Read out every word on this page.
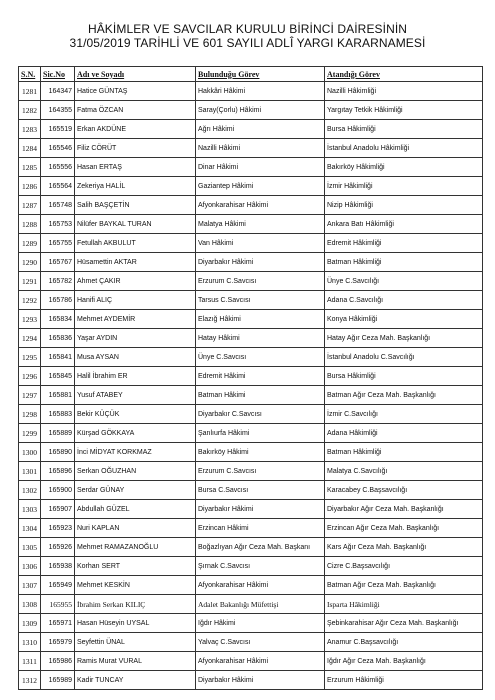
HÂKİMLER VE SAVCILAR KURULU BİRİNCİ DAİRESİNİN
31/05/2019 TARİHLİ VE 601 SAYILI ADLÎ YARGI KARARNAMESİ
S.N.	Sic.No	Adı ve Soyadı	Bulunduğu Görev	Atandığı Görev
1281	164347	Hatice GÜNTAŞ	Hakkâri Hâkimi	Nazilli Hâkimliği
1282	164355	Fatma ÖZCAN	Saray(Çorlu) Hâkimi	Yargıtay Tetkik Hâkimliği
1283	165519	Erkan AKDÜNE	Ağrı Hâkimi	Bursa Hâkimliği
1284	165546	Filiz CÖRÜT	Nazilli Hâkimi	İstanbul Anadolu Hâkimliği
1285	165556	Hasan ERTAŞ	Dinar Hâkimi	Bakırköy Hâkimliği
1286	165564	Zekeriya HALİL	Gaziantep Hâkimi	İzmir Hâkimliği
1287	165748	Salih BAŞÇETİN	Afyonkarahisar Hâkimi	Nizip Hâkimliği
1288	165753	Nilüfer BAYKAL TURAN	Malatya Hâkimi	Ankara Batı Hâkimliği
1289	165755	Fetullah AKBULUT	Van Hâkimi	Edremit Hâkimliği
1290	165767	Hüsamettin AKTAR	Diyarbakır Hâkimi	Batman Hâkimliği
1291	165782	Ahmet ÇAKIR	Erzurum C.Savcısı	Ünye C.Savcılığı
1292	165786	Hanifi ALIÇ	Tarsus C.Savcısı	Adana C.Savcılığı
1293	165834	Mehmet AYDEMİR	Elazığ Hâkimi	Konya Hâkimliği
1294	165836	Yaşar AYDIN	Hatay Hâkimi	Hatay Ağır Ceza Mah. Başkanlığı
1295	165841	Musa AYSAN	Ünye C.Savcısı	İstanbul Anadolu C.Savcılığı
1296	165845	Halil İbrahim ER	Edremit Hâkimi	Bursa Hâkimliği
1297	165881	Yusuf ATABEY	Batman Hâkimi	Batman Ağır Ceza Mah. Başkanlığı
1298	165883	Bekir KÜÇÜK	Diyarbakır C.Savcısı	İzmir C.Savcılığı
1299	165889	Kürşad GÖKKAYA	Şanlıurfa Hâkimi	Adana Hâkimliği
1300	165890	İnci MİDYAT KORKMAZ	Bakırköy Hâkimi	Batman Hâkimliği
1301	165896	Serkan OĞUZHAN	Erzurum C.Savcısı	Malatya C.Savcılığı
1302	165900	Serdar GÜNAY	Bursa C.Savcısı	Karacabey C.Başsavcılığı
1303	165907	Abdullah GÜZEL	Diyarbakır Hâkimi	Diyarbakır Ağır Ceza Mah. Başkanlığı
1304	165923	Nuri KAPLAN	Erzincan Hâkimi	Erzincan Ağır Ceza Mah. Başkanlığı
1305	165926	Mehmet RAMAZANOĞLU	Boğazlıyan Ağır Ceza Mah. Başkanı	Kars Ağır Ceza Mah. Başkanlığı
1306	165938	Korhan SERT	Şırnak C.Savcısı	Cizre C.Başsavcılığı
1307	165949	Mehmet KESKİN	Afyonkarahisar Hâkimi	Batman Ağır Ceza Mah. Başkanlığı
1308	165955	İbrahim Serkan KILIÇ	Adalet Bakanlığı Müfettişi	Isparta Hâkimliği
1309	165971	Hasan Hüseyin UYSAL	Iğdır Hâkimi	Şebinkarahisar Ağır Ceza Mah. Başkanlığı
1310	165979	Seyfettin ÜNAL	Yalvaç C.Savcısı	Anamur C.Başsavcılığı
1311	165986	Ramis Murat VURAL	Afyonkarahisar Hâkimi	Iğdır Ağır Ceza Mah. Başkanlığı
1312	165989	Kadir TUNCAY	Diyarbakır Hâkimi	Erzurum Hâkimliği
